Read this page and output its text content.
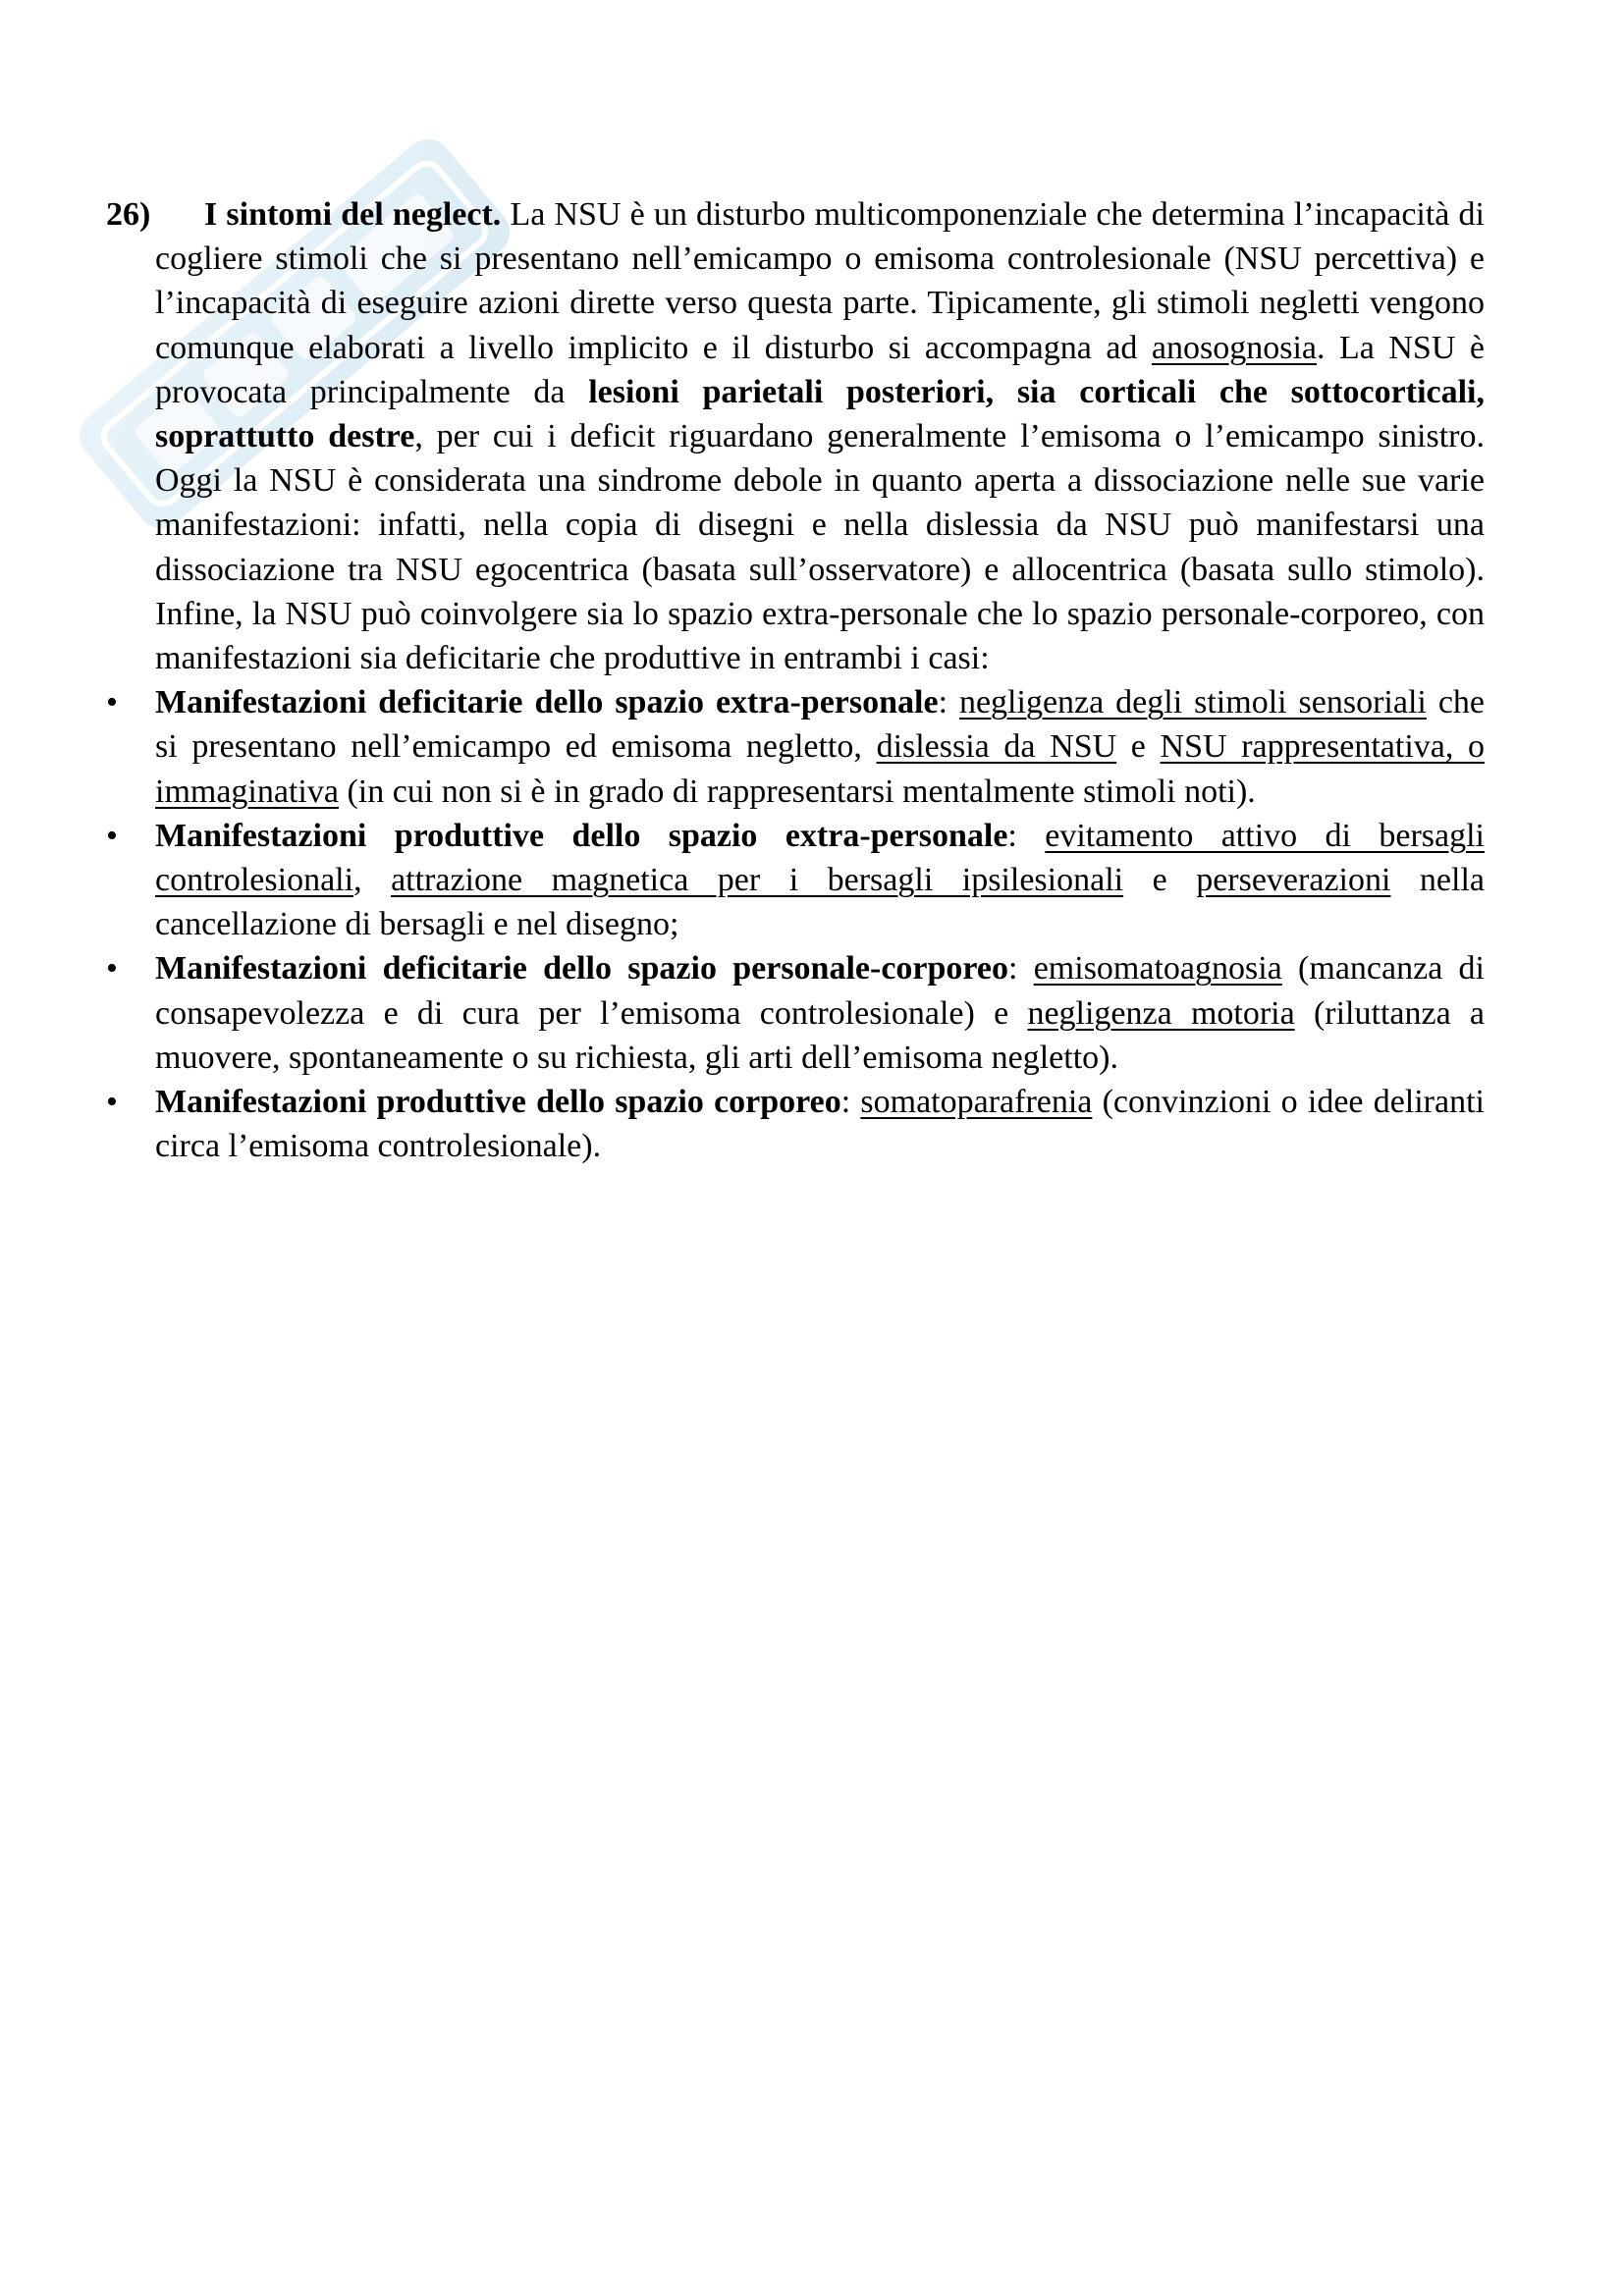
26) I sintomi del neglect. La NSU è un disturbo multicomponenziale che determina l’incapacità di cogliere stimoli che si presentano nell’emicampo o emisoma controlesionale (NSU percettiva) e l’incapacità di eseguire azioni dirette verso questa parte. Tipicamente, gli stimoli negletti vengono comunque elaborati a livello implicito e il disturbo si accompagna ad anosognosia. La NSU è provocata principalmente da lesioni parietali posteriori, sia corticali che sottocorticali, soprattutto destre, per cui i deficit riguardano generalmente l’emisoma o l’emicampo sinistro. Oggi la NSU è considerata una sindrome debole in quanto aperta a dissociazione nelle sue varie manifestazioni: infatti, nella copia di disegni e nella dislessia da NSU può manifestarsi una dissociazione tra NSU egocentrica (basata sull’osservatore) e allocentrica (basata sullo stimolo). Infine, la NSU può coinvolgere sia lo spazio extra-personale che lo spazio personale-corporeo, con manifestazioni sia deficitarie che produttive in entrambi i casi:

•
Manifestazioni deficitarie dello spazio extra-personale: negligenza degli stimoli sensoriali che si presentano nell’emicampo ed emisoma negletto, dislessia da NSU e NSU rappresentativa, o immaginativa (in cui non si è in grado di rappresentarsi mentalmente stimoli noti).
•
Manifestazioni produttive dello spazio extra-personale: evitamento attivo di bersagli controlesionali, attrazione magnetica per i bersagli ipsilesionali e perseverazioni nella cancellazione di bersagli e nel disegno;
•
Manifestazioni deficitarie dello spazio personale-corporeo: emisomatoagnosia (mancanza di consapevolezza e di cura per l’emisoma controlesionale) e negligenza motoria (riluttanza a muovere, spontaneamente o su richiesta, gli arti dell’emisoma negletto).
•
Manifestazioni produttive dello spazio corporeo: somatoparafrenia (convinzioni o idee deliranti circa l’emisoma controlesionale).
